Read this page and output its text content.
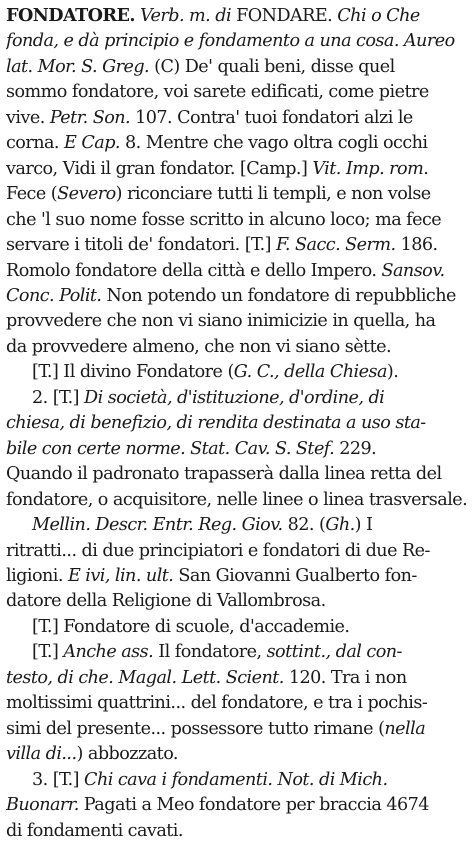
FONDATORE. Verb. m. di FONDARE. Chi o Che
fonda, e dà principio e fondamento a una cosa. Aureo
lat. Mor. S. Greg. (C) De' quali beni, disse quel
sommo fondatore, voi sarete edificati, come pietre
vive. Petr. Son. 107. Contra' tuoi fondatori alzi le
corna. E Cap. 8. Mentre che vago oltra cogli occhi
varco, Vidi il gran fondator. [Camp.] Vit. Imp. rom.
Fece (Severo) riconciare tutti li templi, e non volse
che 'l suo nome fosse scritto in alcuno loco; ma fece
servare i titoli de' fondatori. [T.] F. Sacc. Serm. 186.
Romolo fondatore della città e dello Impero. Sansov.
Conc. Polit. Non potendo un fondatore di repubbliche
provvedere che non vi siano inimicizie in quella, ha
da provvedere almeno, che non vi siano sètte.
[T.] Il divino Fondatore (G. C., della Chiesa).
2. [T.] Di società, d'istituzione, d'ordine, di
chiesa, di benefizio, di rendita destinata a uso sta-
bile con certe norme. Stat. Cav. S. Stef. 229.
Quando il padronato trapasserà dalla linea retta del
fondatore, o acquisitore, nelle linee o linea trasversale.
Mellin. Descr. Entr. Reg. Giov. 82. (Gh.) I
ritratti... di due principiatori e fondatori di due Re-
ligioni. E ivi, lin. ult. San Giovanni Gualberto fon-
datore della Religione di Vallombrosa.
[T.] Fondatore di scuole, d'accademie.
[T.] Anche ass. Il fondatore, sottint., dal con-
testo, di che. Magal. Lett. Scient. 120. Tra i non
moltissimi quattrini... del fondatore, e tra i pochis-
simi del presente... possessore tutto rimane (nella
villa di...) abbozzato.
3. [T.] Chi cava i fondamenti. Not. di Mich.
Buonarr. Pagati a Meo fondatore per braccia 4674
di fondamenti cavati.
